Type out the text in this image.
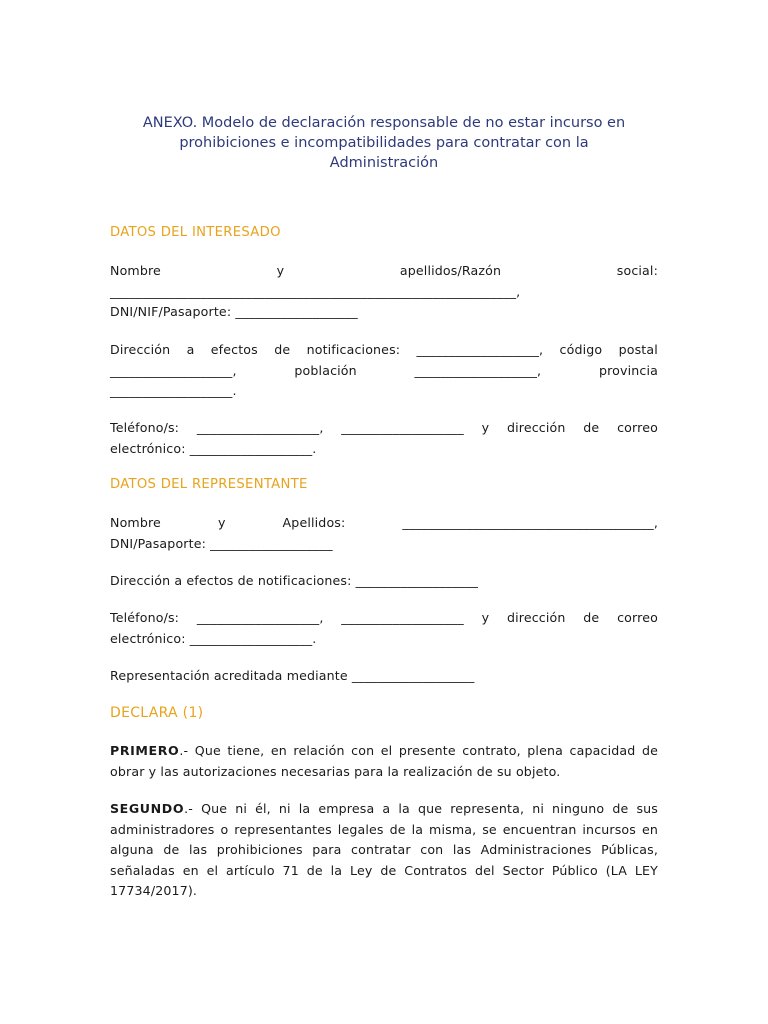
ANEXO. Modelo de declaración responsable de no estar incurso en
prohibiciones e incompatibilidades para contratar con la
Administración
DATOS DEL INTERESADO
Nombre	y	apellidos/Razón	social:
_______________________________________________________________,
DNI/NIF/Pasaporte: ___________________
Dirección a efectos de notificaciones: ___________________, código postal
___________________,	población	___________________,	provincia
___________________.
Teléfono/s: ___________________, ___________________ y dirección de correo
electrónico: ___________________.
DATOS DEL REPRESENTANTE
Nombre	y	Apellidos:	_______________________________________,
DNI/Pasaporte: ___________________
Dirección a efectos de notificaciones: ___________________
Teléfono/s: ___________________, ___________________ y dirección de correo
electrónico: ___________________.
Representación acreditada mediante ___________________
DECLARA (1)
PRIMERO.- Que tiene, en relación con el presente contrato, plena capacidad de obrar y las autorizaciones necesarias para la realización de su objeto.
SEGUNDO.- Que ni él, ni la empresa a la que representa, ni ninguno de sus administradores o representantes legales de la misma, se encuentran incursos en alguna de las prohibiciones para contratar con las Administraciones Públicas, señaladas en el artículo 71 de la Ley de Contratos del Sector Público (LA LEY 17734/2017).
